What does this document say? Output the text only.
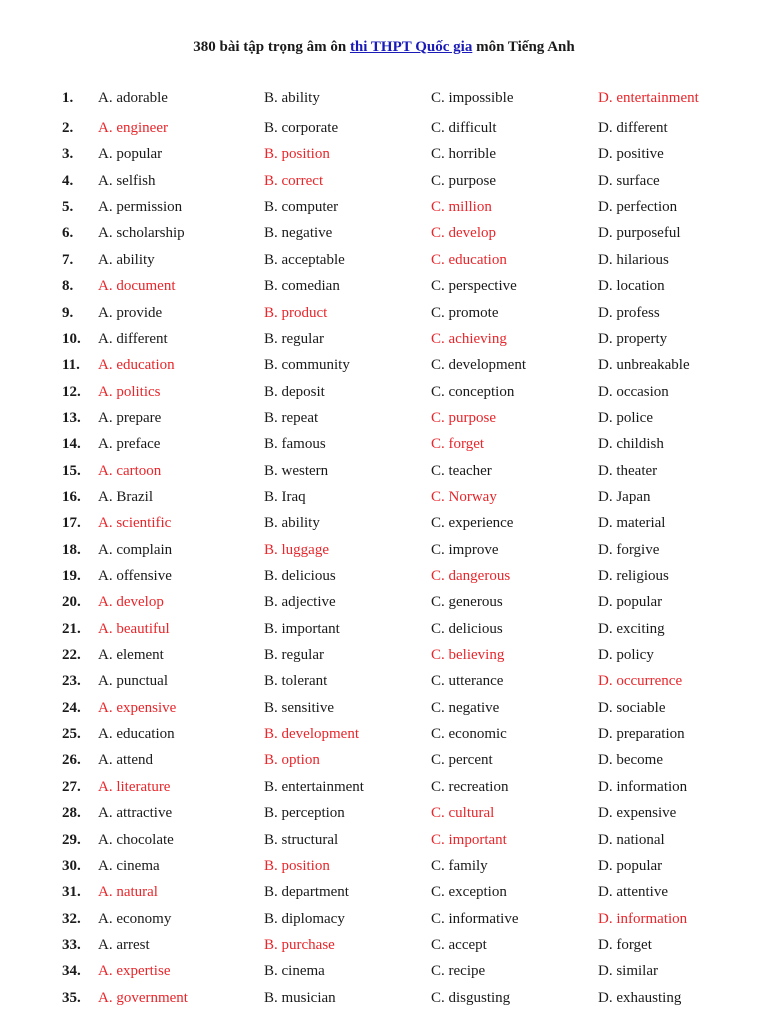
380 bài tập trọng âm ôn thi THPT Quốc gia môn Tiếng Anh
1. A. adorable	B. ability	C. impossible	D. entertainment
2. A. engineer	B. corporate	C. difficult	D. different
3. A. popular	B. position	C. horrible	D. positive
4. A. selfish	B. correct	C. purpose	D. surface
5. A. permission	B. computer	C. million	D. perfection
6. A. scholarship	B. negative	C. develop	D. purposeful
7. A. ability	B. acceptable	C. education	D. hilarious
8. A. document	B. comedian	C. perspective	D. location
9. A. provide	B. product	C. promote	D. profess
10. A. different	B. regular	C. achieving	D. property
11. A. education	B. community	C. development	D. unbreakable
12. A. politics	B. deposit	C. conception	D. occasion
13. A. prepare	B. repeat	C. purpose	D. police
14. A. preface	B. famous	C. forget	D. childish
15. A. cartoon	B. western	C. teacher	D. theater
16. A. Brazil	B. Iraq	C. Norway	D. Japan
17. A. scientific	B. ability	C. experience	D. material
18. A. complain	B. luggage	C. improve	D. forgive
19. A. offensive	B. delicious	C. dangerous	D. religious
20. A. develop	B. adjective	C. generous	D. popular
21. A. beautiful	B. important	C. delicious	D. exciting
22. A. element	B. regular	C. believing	D. policy
23. A. punctual	B. tolerant	C. utterance	D. occurrence
24. A. expensive	B. sensitive	C. negative	D. sociable
25. A. education	B. development	C. economic	D. preparation
26. A. attend	B. option	C. percent	D. become
27. A. literature	B. entertainment	C. recreation	D. information
28. A. attractive	B. perception	C. cultural	D. expensive
29. A. chocolate	B. structural	C. important	D. national
30. A. cinema	B. position	C. family	D. popular
31. A. natural	B. department	C. exception	D. attentive
32. A. economy	B. diplomacy	C. informative	D. information
33. A. arrest	B. purchase	C. accept	D. forget
34. A. expertise	B. cinema	C. recipe	D. similar
35. A. government	B. musician	C. disgusting	D. exhausting
